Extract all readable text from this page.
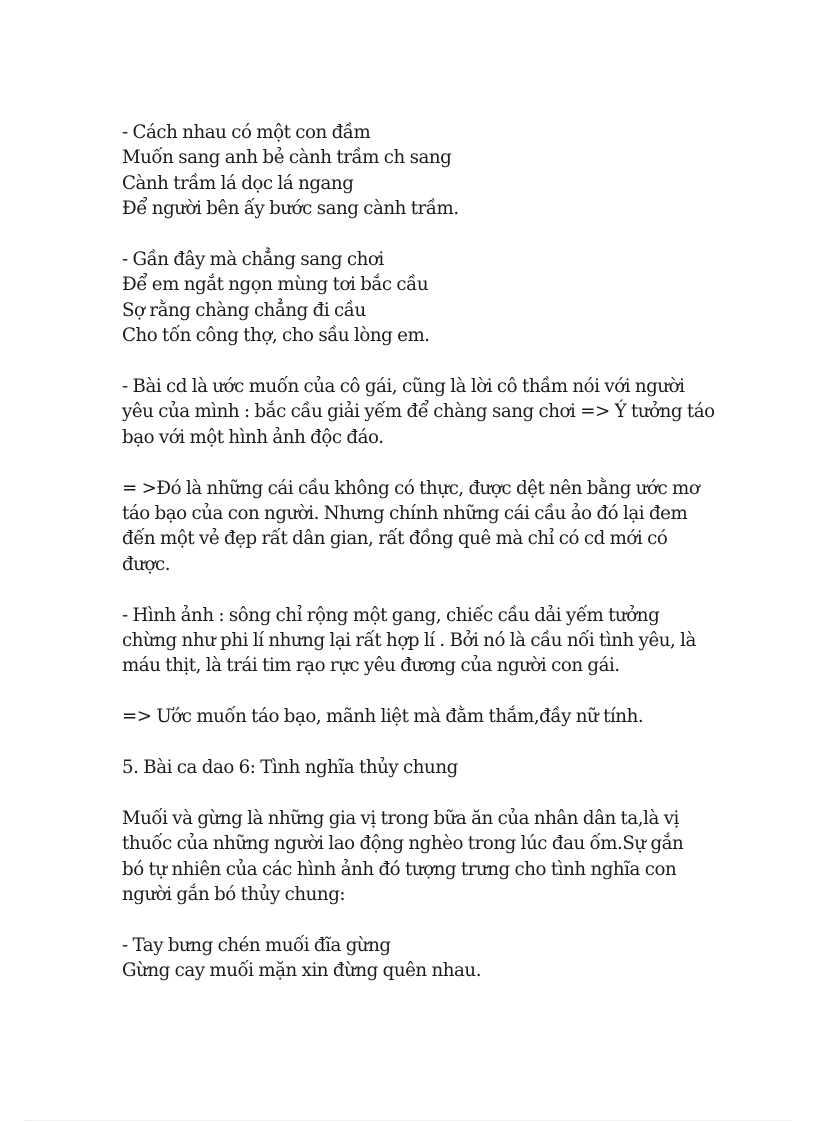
- Cách nhau có một con đầm
Muốn sang anh bẻ cành trầm ch sang
Cành trầm lá dọc lá ngang
Để người bên ấy bước sang cành trầm.
- Gần đây mà chẳng sang chơi
Để em ngắt ngọn mùng tơi bắc cầu
Sợ rằng chàng chẳng đi cầu
Cho tốn công thợ, cho sầu lòng em.
- Bài cd là ước muốn của cô gái, cũng là lời cô thầm nói với người
yêu của mình : bắc cầu giải yếm để chàng sang chơi => Ý tưởng táo
bạo với một hình ảnh độc đáo.
= >Đó là những cái cầu không có thực, được dệt nên bằng ước mơ
táo bạo của con người. Nhưng chính những cái cầu ảo đó lại đem
đến một vẻ đẹp rất dân gian, rất đồng quê mà chỉ có cd mới có
được.
- Hình ảnh : sông chỉ rộng một gang, chiếc cầu dải yếm tưởng
chừng như phi lí nhưng lại rất hợp lí . Bởi nó là cầu nối tình yêu, là
máu thịt, là trái tim rạo rực yêu đương của người con gái.
=> Ước muốn táo bạo, mãnh liệt mà đằm thắm,đầy nữ tính.
5. Bài ca dao 6: Tình nghĩa thủy chung
Muối và gừng là những gia vị trong bữa ăn của nhân dân ta,là vị
thuốc của những người lao động nghèo trong lúc đau ốm.Sự gắn
bó tự nhiên của các hình ảnh đó tượng trưng cho tình nghĩa con
người gắn bó thủy chung:
- Tay bưng chén muối đĩa gừng
Gừng cay muối mặn xin đừng quên nhau.
